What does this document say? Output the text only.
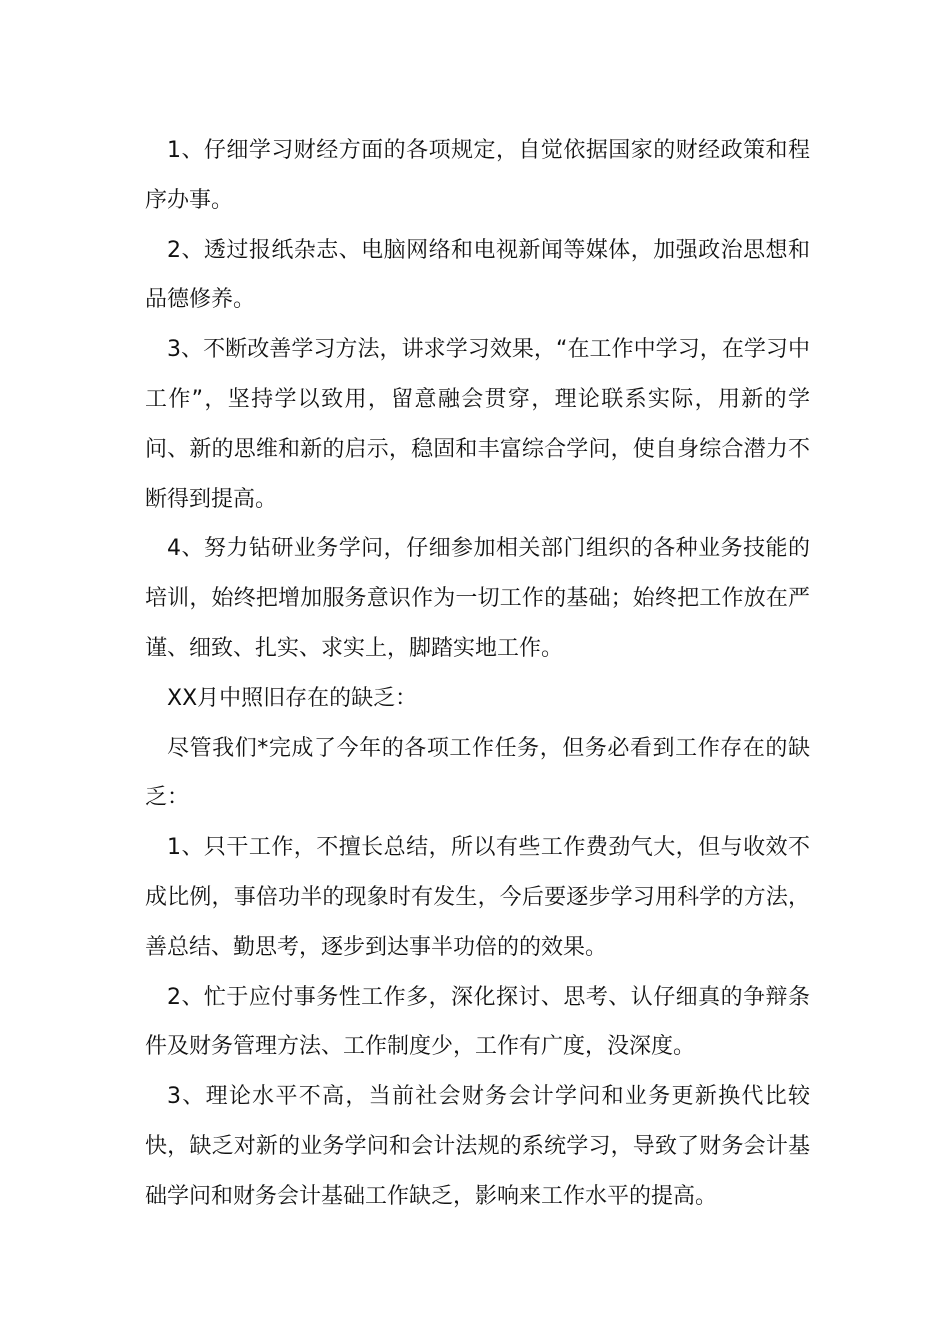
1、仔细学习财经方面的各项规定，自觉依据国家的财经政策和程序办事。

2、透过报纸杂志、电脑网络和电视新闻等媒体，加强政治思想和品德修养。

3、不断改善学习方法，讲求学习效果，“在工作中学习，在学习中工作”，坚持学以致用，留意融会贯穿，理论联系实际，用新的学问、新的思维和新的启示，稳固和丰富综合学问，使自身综合潜力不断得到提高。

4、努力钻研业务学问，仔细参加相关部门组织的各种业务技能的培训，始终把增加服务意识作为一切工作的基础；始终把工作放在严谨、细致、扎实、求实上，脚踏实地工作。

XX月中照旧存在的缺乏：

尽管我们*完成了今年的各项工作任务，但务必看到工作存在的缺乏：

1、只干工作，不擅长总结，所以有些工作费劲气大，但与收效不成比例，事倍功半的现象时有发生，今后要逐步学习用科学的方法，善总结、勤思考，逐步到达事半功倍的的效果。

2、忙于应付事务性工作多，深化探讨、思考、认仔细真的争辩条件及财务管理方法、工作制度少，工作有广度，没深度。

3、理论水平不高，当前社会财务会计学问和业务更新换代比较快，缺乏对新的业务学问和会计法规的系统学习，导致了财务会计基础学问和财务会计基础工作缺乏，影响来工作水平的提高。
